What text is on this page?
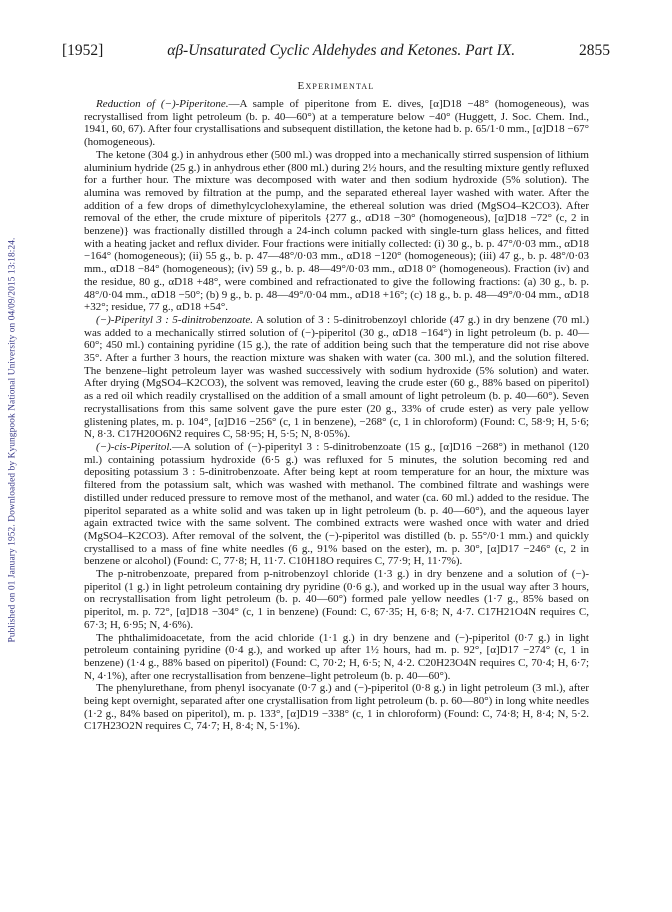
Published on 01 January 1952. Downloaded by Kyungpook National University on 04/09/2015 13:18:24.
[1952]	αβ-Unsaturated Cyclic Aldehydes and Ketones. Part IX.	2855
Experimental

Reduction of (−)-Piperitone.—A sample of piperitone from E. dives, [α]D18 −48° (homogeneous), was recrystallised from light petroleum (b. p. 40—60°) at a temperature below −40° (Huggett, J. Soc. Chem. Ind., 1941, 60, 67). After four crystallisations and subsequent distillation, the ketone had b. p. 65/1·0 mm., [α]D18 −67° (homogeneous).

The ketone (304 g.) in anhydrous ether (500 ml.) was dropped into a mechanically stirred suspension of lithium aluminium hydride (25 g.) in anhydrous ether (800 ml.) during 2½ hours, and the resulting mixture gently refluxed for a further hour. The mixture was decomposed with water and then sodium hydroxide (5% solution). The alumina was removed by filtration at the pump, and the separated ethereal layer washed with water. After the addition of a few drops of dimethylcyclohexylamine, the ethereal solution was dried (MgSO4–K2CO3). After removal of the ether, the crude mixture of piperitols {277 g., αD18 −30° (homogeneous), [α]D18 −72° (c, 2 in benzene)} was fractionally distilled through a 24-inch column packed with single-turn glass helices, and fitted with a heating jacket and reflux divider. Four fractions were initially collected: (i) 30 g., b. p. 47°/0·03 mm., αD18 −164° (homogeneous); (ii) 55 g., b. p. 47—48°/0·03 mm., αD18 −120° (homogeneous); (iii) 47 g., b. p. 48°/0·03 mm., αD18 −84° (homogeneous); (iv) 59 g., b. p. 48—49°/0·03 mm., αD18 0° (homogeneous). Fraction (iv) and the residue, 80 g., αD18 +48°, were combined and refractionated to give the following fractions: (a) 30 g., b. p. 48°/0·04 mm., αD18 −50°; (b) 9 g., b. p. 48—49°/0·04 mm., αD18 +16°; (c) 18 g., b. p. 48—49°/0·04 mm., αD18 +32°; residue, 77 g., αD18 +54°.

(−)-Piperityl 3 : 5-dinitrobenzoate. A solution of 3 : 5-dinitrobenzoyl chloride (47 g.) in dry benzene (70 ml.) was added to a mechanically stirred solution of (−)-piperitol (30 g., αD18 −164°) in light petroleum (b. p. 40—60°; 450 ml.) containing pyridine (15 g.), the rate of addition being such that the temperature did not rise above 35°. After a further 3 hours, the reaction mixture was shaken with water (ca. 300 ml.), and the solution filtered. The benzene–light petroleum layer was washed successively with sodium hydroxide (5% solution) and water. After drying (MgSO4–K2CO3), the solvent was removed, leaving the crude ester (60 g., 88% based on piperitol) as a red oil which readily crystallised on the addition of a small amount of light petroleum (b. p. 40—60°). Seven recrystallisations from this same solvent gave the pure ester (20 g., 33% of crude ester) as very pale yellow glistening plates, m. p. 104°, [α]D16 −256° (c, 1 in benzene), −268° (c, 1 in chloroform) (Found: C, 58·9; H, 5·6; N, 8·3. C17H20O6N2 requires C, 58·95; H, 5·5; N, 8·05%).

(−)-cis-Piperitol.—A solution of (−)-piperityl 3 : 5-dinitrobenzoate (15 g., [α]D16 −268°) in methanol (120 ml.) containing potassium hydroxide (6·5 g.) was refluxed for 5 minutes, the solution becoming red and depositing potassium 3 : 5-dinitrobenzoate. After being kept at room temperature for an hour, the mixture was filtered from the potassium salt, which was washed with methanol. The combined filtrate and washings were distilled under reduced pressure to remove most of the methanol, and water (ca. 60 ml.) added to the residue. The piperitol separated as a white solid and was taken up in light petroleum (b. p. 40—60°), and the aqueous layer again extracted twice with the same solvent. The combined extracts were washed once with water and dried (MgSO4–K2CO3). After removal of the solvent, the (−)-piperitol was distilled (b. p. 55°/0·1 mm.) and quickly crystallised to a mass of fine white needles (6 g., 91% based on the ester), m. p. 30°, [α]D17 −246° (c, 2 in benzene or alcohol) (Found: C, 77·8; H, 11·7. C10H18O requires C, 77·9; H, 11·7%).

The p-nitrobenzoate, prepared from p-nitrobenzoyl chloride (1·3 g.) in dry benzene and a solution of (−)-piperitol (1 g.) in light petroleum containing dry pyridine (0·6 g.), and worked up in the usual way after 3 hours, on recrystallisation from light petroleum (b. p. 40—60°) formed pale yellow needles (1·7 g., 85% based on piperitol, m. p. 72°, [α]D18 −304° (c, 1 in benzene) (Found: C, 67·35; H, 6·8; N, 4·7. C17H21O4N requires C, 67·3; H, 6·95; N, 4·6%).

The phthalimidoacetate, from the acid chloride (1·1 g.) in dry benzene and (−)-piperitol (0·7 g.) in light petroleum containing pyridine (0·4 g.), and worked up after 1½ hours, had m. p. 92°, [α]D17 −274° (c, 1 in benzene) (1·4 g., 88% based on piperitol) (Found: C, 70·2; H, 6·5; N, 4·2. C20H23O4N requires C, 70·4; H, 6·7; N, 4·1%), after one recrystallisation from benzene–light petroleum (b. p. 40—60°).

The phenylurethane, from phenyl isocyanate (0·7 g.) and (−)-piperitol (0·8 g.) in light petroleum (3 ml.), after being kept overnight, separated after one crystallisation from light petroleum (b. p. 60—80°) in long white needles (1·2 g., 84% based on piperitol), m. p. 133°, [α]D19 −338° (c, 1 in chloroform) (Found: C, 74·8; H, 8·4; N, 5·2. C17H23O2N requires C, 74·7; H, 8·4; N, 5·1%).
